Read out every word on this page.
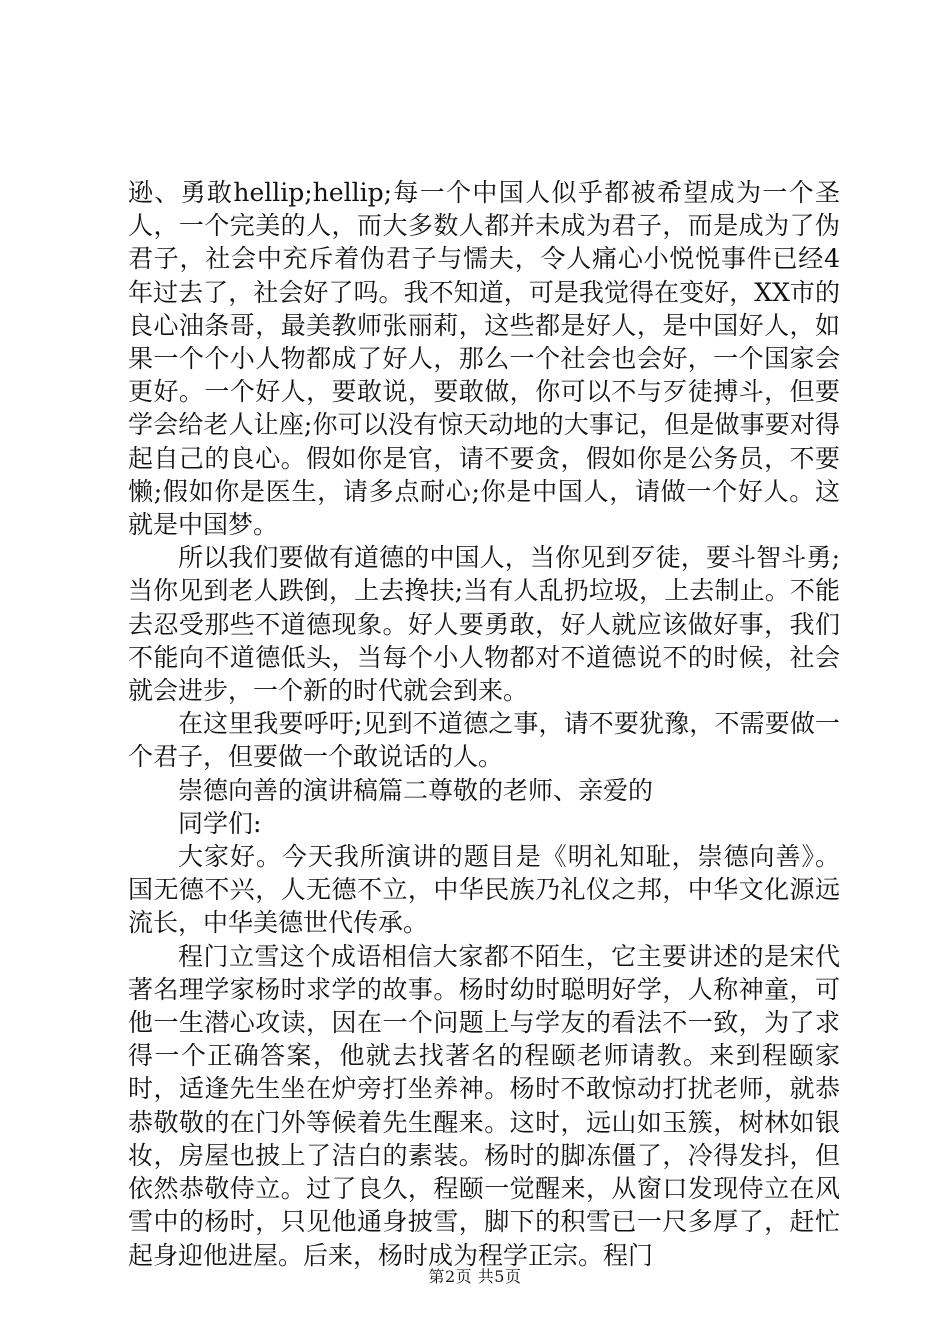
逊、勇敢hellip;hellip;每一个中国人似乎都被希望成为一个圣人，一个完美的人，而大多数人都并未成为君子，而是成为了伪君子，社会中充斥着伪君子与懦夫，令人痛心小悦悦事件已经4年过去了，社会好了吗。我不知道，可是我觉得在变好，XX市的良心油条哥，最美教师张丽莉，这些都是好人，是中国好人，如果一个个小人物都成了好人，那么一个社会也会好，一个国家会更好。一个好人，要敢说，要敢做，你可以不与歹徒搏斗，但要学会给老人让座;你可以没有惊天动地的大事记，但是做事要对得起自己的良心。假如你是官，请不要贪，假如你是公务员，不要懒;假如你是医生，请多点耐心;你是中国人，请做一个好人。这就是中国梦。

所以我们要做有道德的中国人，当你见到歹徒，要斗智斗勇;当你见到老人跌倒，上去搀扶;当有人乱扔垃圾，上去制止。不能去忍受那些不道德现象。好人要勇敢，好人就应该做好事，我们不能向不道德低头，当每个小人物都对不道德说不的时候，社会就会进步，一个新的时代就会到来。

在这里我要呼吁;见到不道德之事，请不要犹豫，不需要做一个君子，但要做一个敢说话的人。

崇德向善的演讲稿篇二尊敬的老师、亲爱的

同学们:

大家好。今天我所演讲的题目是《明礼知耻，崇德向善》。国无德不兴，人无德不立，中华民族乃礼仪之邦，中华文化源远流长，中华美德世代传承。

程门立雪这个成语相信大家都不陌生，它主要讲述的是宋代著名理学家杨时求学的故事。杨时幼时聪明好学，人称神童，可他一生潜心攻读，因在一个问题上与学友的看法不一致，为了求得一个正确答案，他就去找著名的程颐老师请教。来到程颐家时，适逢先生坐在炉旁打坐养神。杨时不敢惊动打扰老师，就恭恭敬敬的在门外等候着先生醒来。这时，远山如玉簇，树林如银妆，房屋也披上了洁白的素装。杨时的脚冻僵了，冷得发抖，但依然恭敬侍立。过了良久，程颐一觉醒来，从窗口发现侍立在风雪中的杨时，只见他通身披雪，脚下的积雪已一尺多厚了，赶忙起身迎他进屋。后来，杨时成为程学正宗。程门

第2页 共5页
